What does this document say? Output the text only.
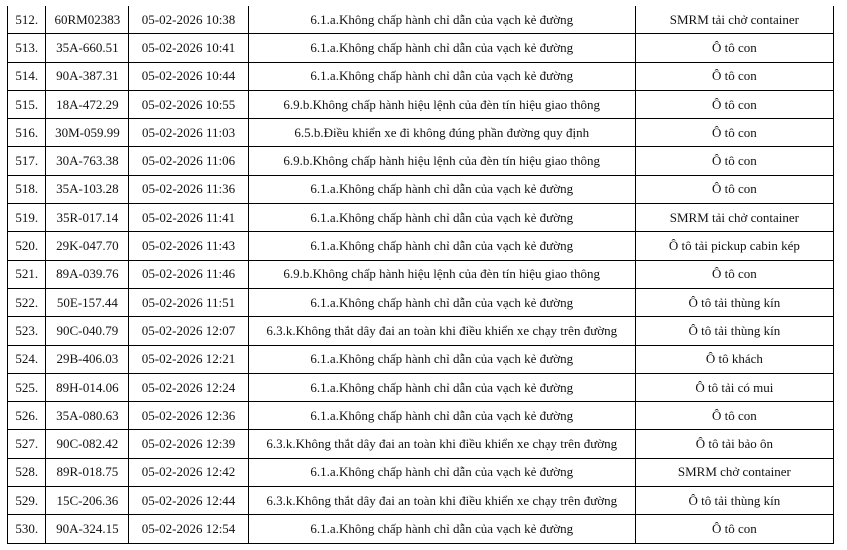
512.	60RM02383	05-02-2026 10:38	6.1.a.Không chấp hành chỉ dẫn của vạch kẻ đường	SMRM tải chở container
513.	35A-660.51	05-02-2026 10:41	6.1.a.Không chấp hành chỉ dẫn của vạch kẻ đường	Ô tô con
514.	90A-387.31	05-02-2026 10:44	6.1.a.Không chấp hành chỉ dẫn của vạch kẻ đường	Ô tô con
515.	18A-472.29	05-02-2026 10:55	6.9.b.Không chấp hành hiệu lệnh của đèn tín hiệu giao thông	Ô tô con
516.	30M-059.99	05-02-2026 11:03	6.5.b.Điều khiển xe đi không đúng phần đường quy định	Ô tô con
517.	30A-763.38	05-02-2026 11:06	6.9.b.Không chấp hành hiệu lệnh của đèn tín hiệu giao thông	Ô tô con
518.	35A-103.28	05-02-2026 11:36	6.1.a.Không chấp hành chỉ dẫn của vạch kẻ đường	Ô tô con
519.	35R-017.14	05-02-2026 11:41	6.1.a.Không chấp hành chỉ dẫn của vạch kẻ đường	SMRM tải chở container
520.	29K-047.70	05-02-2026 11:43	6.1.a.Không chấp hành chỉ dẫn của vạch kẻ đường	Ô tô tải pickup cabin kép
521.	89A-039.76	05-02-2026 11:46	6.9.b.Không chấp hành hiệu lệnh của đèn tín hiệu giao thông	Ô tô con
522.	50E-157.44	05-02-2026 11:51	6.1.a.Không chấp hành chỉ dẫn của vạch kẻ đường	Ô tô tải thùng kín
523.	90C-040.79	05-02-2026 12:07	6.3.k.Không thắt dây đai an toàn khi điều khiển xe chạy trên đường	Ô tô tải thùng kín
524.	29B-406.03	05-02-2026 12:21	6.1.a.Không chấp hành chỉ dẫn của vạch kẻ đường	Ô tô khách
525.	89H-014.06	05-02-2026 12:24	6.1.a.Không chấp hành chỉ dẫn của vạch kẻ đường	Ô tô tải có mui
526.	35A-080.63	05-02-2026 12:36	6.1.a.Không chấp hành chỉ dẫn của vạch kẻ đường	Ô tô con
527.	90C-082.42	05-02-2026 12:39	6.3.k.Không thắt dây đai an toàn khi điều khiển xe chạy trên đường	Ô tô tải bảo ôn
528.	89R-018.75	05-02-2026 12:42	6.1.a.Không chấp hành chỉ dẫn của vạch kẻ đường	SMRM chở container
529.	15C-206.36	05-02-2026 12:44	6.3.k.Không thắt dây đai an toàn khi điều khiển xe chạy trên đường	Ô tô tải thùng kín
530.	90A-324.15	05-02-2026 12:54	6.1.a.Không chấp hành chỉ dẫn của vạch kẻ đường	Ô tô con
